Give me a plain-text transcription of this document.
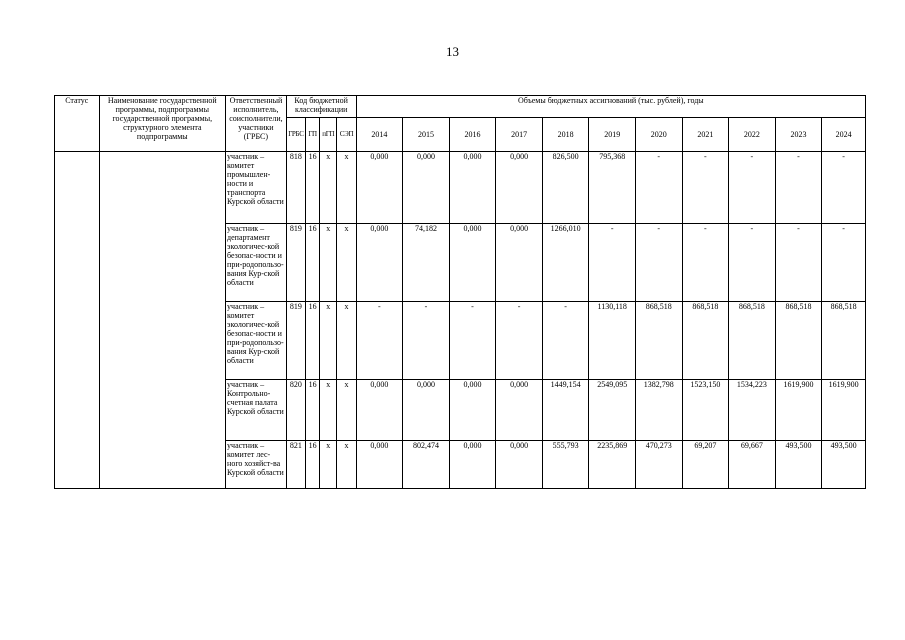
13
Статус	Наименование государственной программы, подпрограммы государственной программы, структурного элемента подпрограммы	Ответственный исполнитель, соисполнители, участники (ГРБС)	Код бюджетной классификации				Объемы бюджетных ассигнований (тыс. рублей), годы										
			ГРБС	ГП	пГП	СЭП	2014	2015	2016	2017	2018	2019	2020	2021	2022	2023	2024
		участник – комитет промышлен-ности и транспорта Курской области	818	16	х	х	0,000	0,000	0,000	0,000	826,500	795,368	-	-	-	-	-
		участник – департамент экологичес-кой безопас-ности и при-родопользо-вания Кур-ской области	819	16	х	х	0,000	74,182	0,000	0,000	1266,010	-	-	-	-	-	-
		участник – комитет экологичес-кой безопас-ности и при-родопользо-вания Кур-ской области	819	16	х	х	-	-	-	-	-	1130,118	868,518	868,518	868,518	868,518	868,518
		участник – Контрольно-счетная палата Курской области	820	16	х	х	0,000	0,000	0,000	0,000	1449,154	2549,095	1382,798	1523,150	1534,223	1619,900	1619,900
		участник – комитет лес-ного хозяйст-ва Курской области	821	16	х	х	0,000	802,474	0,000	0,000	555,793	2235,869	470,273	69,207	69,667	493,500	493,500
